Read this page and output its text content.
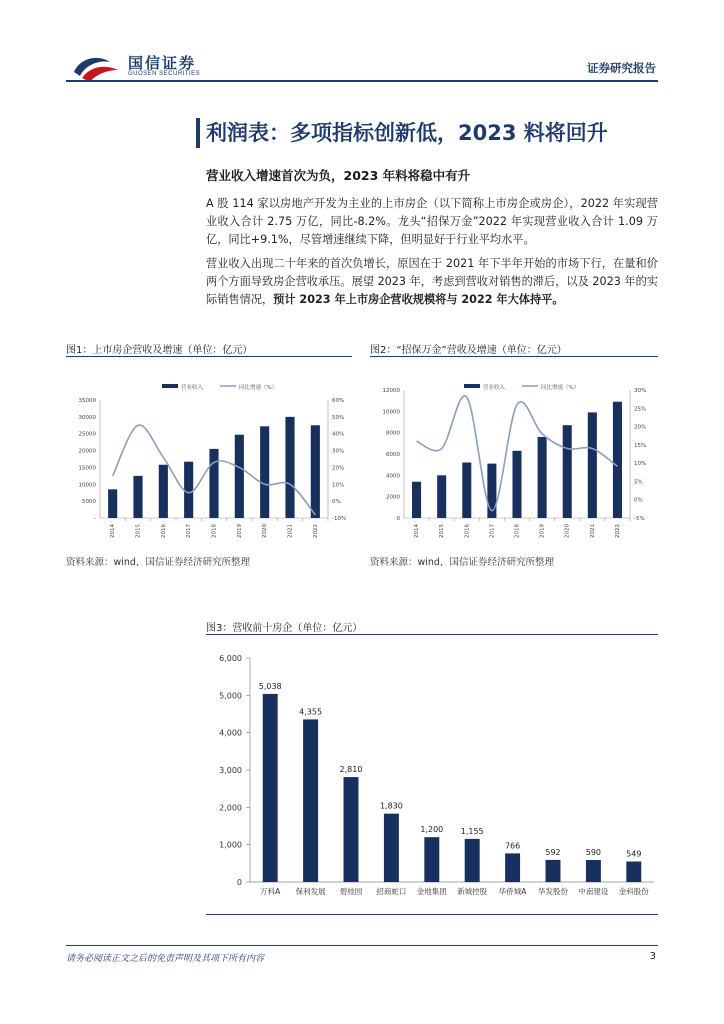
国信证券
GUOSEN SECURITIES	证券研究报告
利润表：多项指标创新低，2023 料将回升
营业收入增速首次为负，2023 年料将稳中有升
A 股 114 家以房地产开发为主业的上市房企（以下简称上市房企或房企），2022 年实现营业收入合计 2.75 万亿，同比-8.2%。龙头“招保万金”2022 年实现营业收入合计 1.09 万亿，同比+9.1%，尽管增速继续下降，但明显好于行业平均水平。
营业收入出现二十年来的首次负增长，原因在于 2021 年下半年开始的市场下行，在量和价两个方面导致房企营收承压。展望 2023 年，考虑到营收对销售的滞后，以及 2023 年的实际销售情况，预计 2023 年上市房企营收规模将与 2022 年大体持平。
图1：上市房企营收及增速（单位：亿元）
营业收入	同比增速（%）
-
5000
10000
15000
20000
25000
30000
35000
-10%
0%
10%
20%
30%
40%
50%
60%
2014	2015	2016	2017	2018	2019	2020	2021	2022
资料来源：wind，国信证券经济研究所整理
图2：“招保万金”营收及增速（单位：亿元）
营业收入	同比增速（%）
0
2000
4000
6000
8000
10000
12000
-5%
0%
5%
10%
15%
20%
25%
30%
2014	2015	2016	2017	2018	2019	2020	2021	2022
资料来源：wind，国信证券经济研究所整理
图3：营收前十房企（单位：亿元）
0
1,000
2,000
3,000
4,000
5,000
6,000
5,038
万科A
4,355
保利发展
2,810
碧桂园
1,830
招商蛇口
1,200
金地集团
1,155
新城控股
766
华侨城A
592
华发股份
590
中南建设
549
金科股份
请务必阅读正文之后的免责声明及其项下所有内容	3
